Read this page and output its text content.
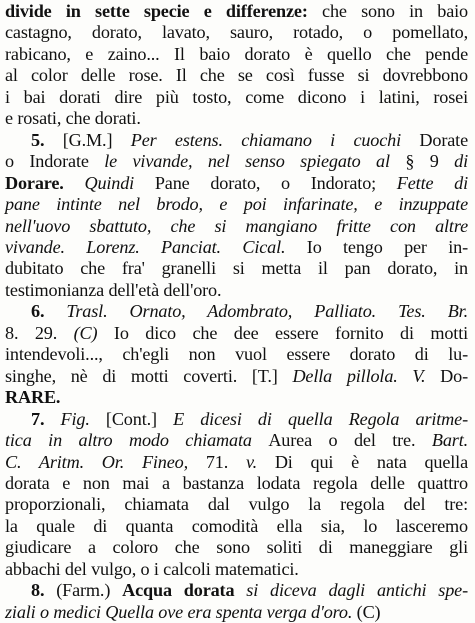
divide in sette specie e differenze: che sono in baio
castagno, dorato, lavato, sauro, rotado, o pomellato,
rabicano, e zaino... Il baio dorato è quello che pende
al color delle rose. Il che se così fusse si dovrebbono
i bai dorati dire più tosto, come dicono i latini, rosei
e rosati, che dorati.
5. [G.M.] Per estens. chiamano i cuochi Dorate
o Indorate le vivande, nel senso spiegato al § 9 di
Dorare. Quindi Pane dorato, o Indorato; Fette di
pane intinte nel brodo, e poi infarinate, e inzuppate
nell'uovo sbattuto, che si mangiano fritte con altre
vivande. Lorenz. Panciat. Cical. Io tengo per in-
dubitato che fra' granelli si metta il pan dorato, in
testimonianza dell'età dell'oro.
6. Trasl. Ornato, Adombrato, Palliato. Tes. Br.
8. 29. (C) Io dico che dee essere fornito di motti
intendevoli..., ch'egli non vuol essere dorato di lu-
singhe, nè di motti coverti. [T.] Della pillola. V. Do-
RARE.
7. Fig. [Cont.] E dicesi di quella Regola aritme-
tica in altro modo chiamata Aurea o del tre. Bart.
C. Aritm. Or. Fineo, 71. v. Di qui è nata quella
dorata e non mai a bastanza lodata regola delle quattro
proporzionali, chiamata dal vulgo la regola del tre:
la quale di quanta comodità ella sia, lo lasceremo
giudicare a coloro che sono soliti di maneggiare gli
abbachi del vulgo, o i calcoli matematici.
8. (Farm.) Acqua dorata si diceva dagli antichi spe-
ziali o medici Quella ove era spenta verga d'oro. (C)
